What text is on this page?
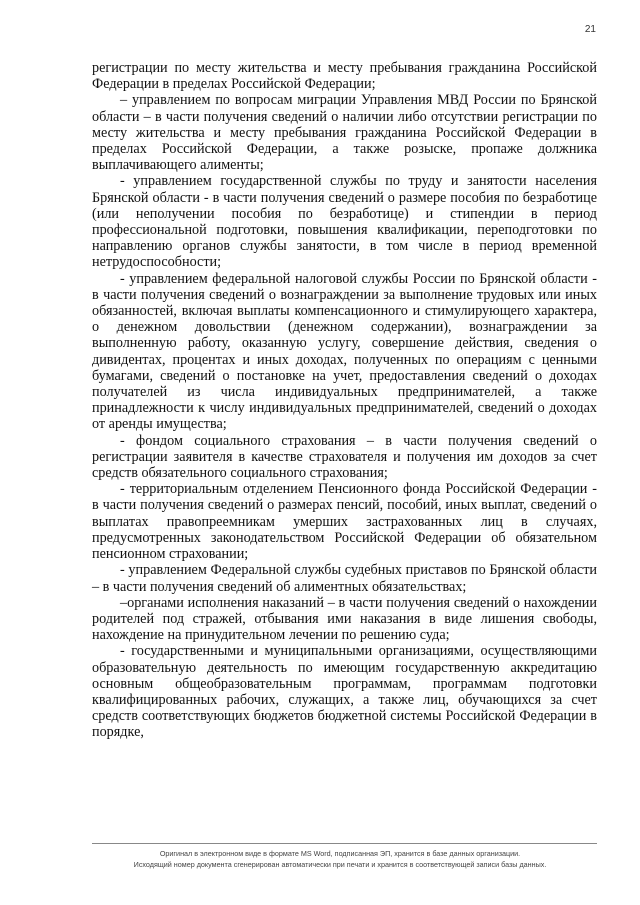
21

регистрации по месту жительства и месту пребывания гражданина Российской Федерации в пределах Российской Федерации;

– управлением по вопросам миграции Управления МВД России по Брянской области – в части получения сведений о наличии либо отсутствии регистрации по месту жительства и месту пребывания гражданина Российской Федерации в пределах Российской Федерации, а также розыске, пропаже должника выплачивающего алименты;

- управлением государственной службы по труду и занятости населения Брянской области - в части получения сведений о размере пособия по безработице (или неполучении пособия по безработице) и стипендии в период профессиональной подготовки, повышения квалификации, переподготовки по направлению органов службы занятости, в том числе в период временной нетрудоспособности;

- управлением федеральной налоговой службы России по Брянской области - в части получения сведений о вознаграждении за выполнение трудовых или иных обязанностей, включая выплаты компенсационного и стимулирующего характера, о денежном довольствии (денежном содержании), вознаграждении за выполненную работу, оказанную услугу, совершение действия, сведения о дивидентах, процентах и иных доходах, полученных по операциям с ценными бумагами, сведений о постановке на учет, предоставления сведений о доходах получателей из числа индивидуальных предпринимателей, а также принадлежности к числу индивидуальных предпринимателей, сведений о доходах от аренды имущества;

- фондом социального страхования – в части получения сведений о регистрации заявителя в качестве страхователя и получения им доходов за счет средств обязательного социального страхования;

- территориальным отделением Пенсионного фонда Российской Федерации - в части получения сведений о размерах пенсий, пособий, иных выплат, сведений о выплатах правопреемникам умерших застрахованных лиц в случаях, предусмотренных законодательством Российской Федерации об обязательном пенсионном страховании;

- управлением Федеральной службы судебных приставов по Брянской области – в части получения сведений об алиментных обязательствах;

–органами исполнения наказаний – в части получения сведений о нахождении родителей под стражей, отбывания ими наказания в виде лишения свободы, нахождение на принудительном лечении по решению суда;

- государственными и муниципальными организациями, осуществляющими образовательную деятельность по имеющим государственную аккредитацию основным общеобразовательным программам, программам подготовки квалифицированных рабочих, служащих, а также лиц, обучающихся за счет средств соответствующих бюджетов бюджетной системы Российской Федерации в порядке,

Оригинал в электронном виде в формате MS Word, подписанная ЭП, хранится в базе данных организации.
Исходящий номер документа сгенерирован автоматически при печати и хранится в соответствующей записи базы данных.
